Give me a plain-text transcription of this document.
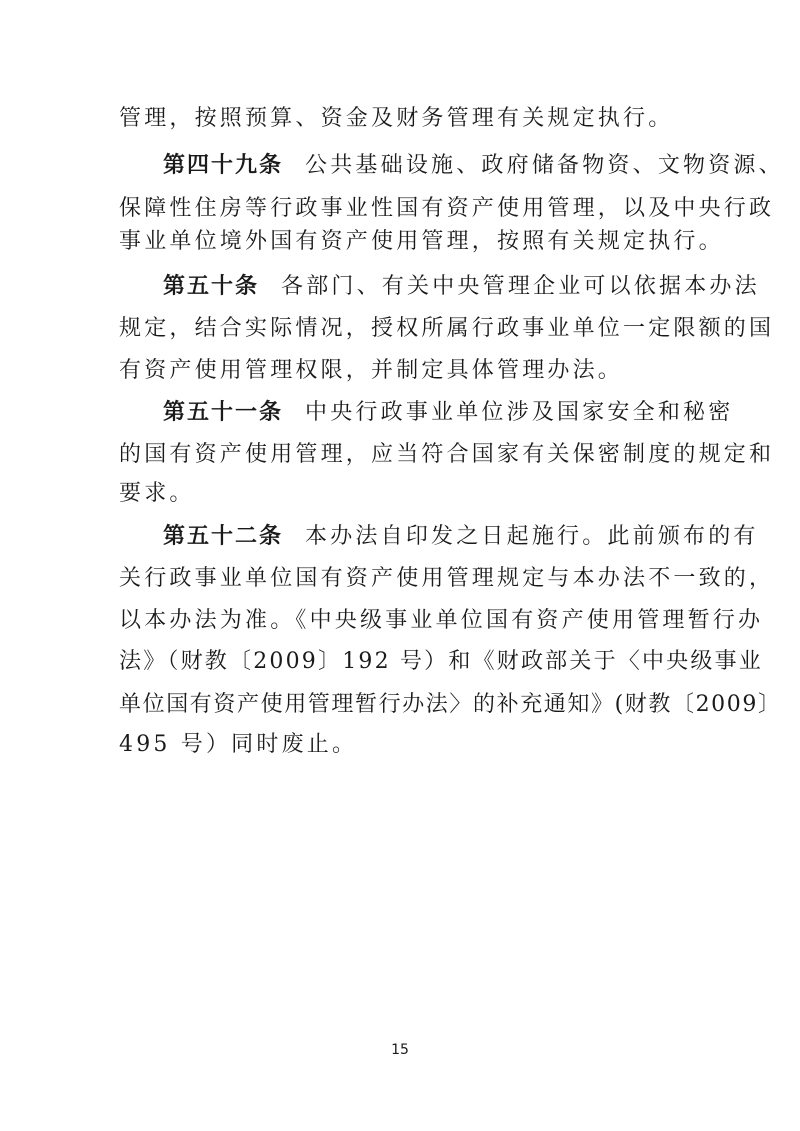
管理，按照预算、资金及财务管理有关规定执行。
第四十九条 公共基础设施、政府储备物资、文物资源、
保障性住房等行政事业性国有资产使用管理，以及中央行政
事业单位境外国有资产使用管理，按照有关规定执行。
第五十条 各部门、有关中央管理企业可以依据本办法
规定，结合实际情况，授权所属行政事业单位一定限额的国
有资产使用管理权限，并制定具体管理办法。
第五十一条 中央行政事业单位涉及国家安全和秘密
的国有资产使用管理，应当符合国家有关保密制度的规定和
要求。
第五十二条 本办法自印发之日起施行。此前颁布的有
关行政事业单位国有资产使用管理规定与本办法不一致的，
以本办法为准。《中央级事业单位国有资产使用管理暂行办
法》（财教〔2009〕192 号）和《财政部关于〈中央级事业
单位国有资产使用管理暂行办法〉的补充通知》(财教〔2009〕
495 号）同时废止。
15
